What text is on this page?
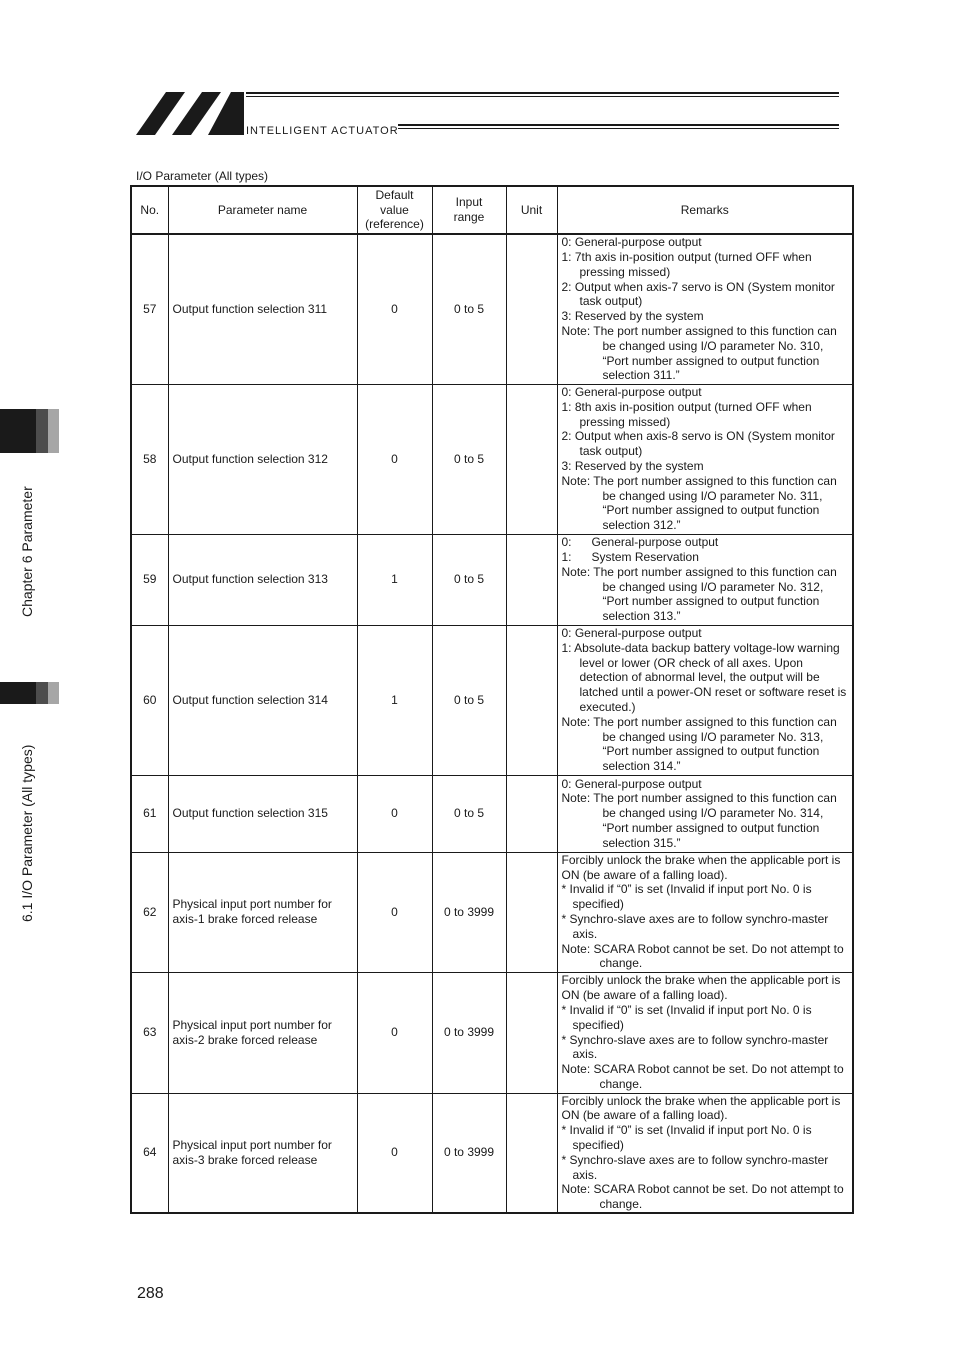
INTELLIGENT ACTUATOR
Chapter 6 Parameter
6.1 I/O Parameter (All types)
I/O Parameter (All types)
No.	Parameter name	Default value (reference)	Input range	Unit	Remarks
57	Output function selection 311	0	0 to 5		0: General-purpose output
1: 7th axis in-position output (turned OFF when pressing missed)
2: Output when axis-7 servo is ON (System monitor task output)
3: Reserved by the system
Note: The port number assigned to this function can be changed using I/O parameter No. 310, “Port number assigned to output function selection 311.”

58	Output function selection 312	0	0 to 5		0: General-purpose output
1: 8th axis in-position output (turned OFF when pressing missed)
2: Output when axis-8 servo is ON (System monitor task output)
3: Reserved by the system
Note: The port number assigned to this function can be changed using I/O parameter No. 311, “Port number assigned to output function selection 312.”

59	Output function selection 313	1	0 to 5		0:      General-purpose output
1:      System Reservation
Note: The port number assigned to this function can be changed using I/O parameter No. 312, “Port number assigned to output function selection 313.”

60	Output function selection 314	1	0 to 5		0: General-purpose output
1: Absolute-data backup battery voltage-low warning level or lower (OR check of all axes. Upon detection of abnormal level, the output will be latched until a power-ON reset or software reset is executed.)
Note: The port number assigned to this function can be changed using I/O parameter No. 313, “Port number assigned to output function selection 314.”

61	Output function selection 315	0	0 to 5		0: General-purpose output
Note: The port number assigned to this function can be changed using I/O parameter No. 314, “Port number assigned to output function selection 315.”

62	Physical input port number for axis-1 brake forced release	0	0 to 3999		Forcibly unlock the brake when the applicable port is ON (be aware of a falling load).
* Invalid if “0” is set (Invalid if input port No. 0 is specified)
* Synchro-slave axes are to follow synchro-master axis.
Note: SCARA Robot cannot be set. Do not attempt to change.

63	Physical input port number for axis-2 brake forced release	0	0 to 3999		Forcibly unlock the brake when the applicable port is ON (be aware of a falling load).
* Invalid if “0” is set (Invalid if input port No. 0 is specified)
* Synchro-slave axes are to follow synchro-master axis.
Note: SCARA Robot cannot be set. Do not attempt to change.

64	Physical input port number for axis-3 brake forced release	0	0 to 3999		Forcibly unlock the brake when the applicable port is ON (be aware of a falling load).
* Invalid if “0” is set (Invalid if input port No. 0 is specified)
* Synchro-slave axes are to follow synchro-master axis.
Note: SCARA Robot cannot be set. Do not attempt to change.
288
